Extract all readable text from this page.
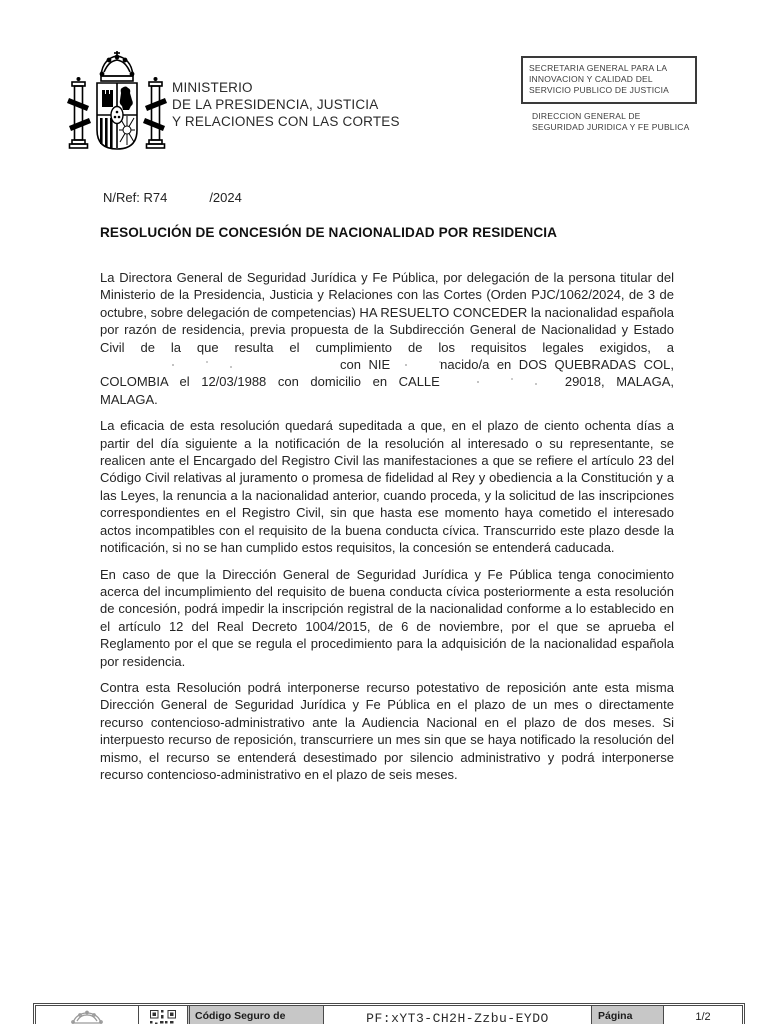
MINISTERIO
DE LA PRESIDENCIA, JUSTICIA
Y RELACIONES CON LAS CORTES
SECRETARIA GENERAL PARA LA
INNOVACION Y CALIDAD DEL
SERVICIO PUBLICO DE JUSTICIA
DIRECCION GENERAL DE
SEGURIDAD JURIDICA Y FE PUBLICA
N/Ref: R74	/2024
RESOLUCIÓN DE CONCESIÓN DE NACIONALIDAD POR RESIDENCIA

La Directora General de Seguridad Jurídica y Fe Pública, por delegación de la persona titular del Ministerio de la Presidencia, Justicia y Relaciones con las Cortes (Orden PJC/1062/2024, de 3 de octubre, sobre delegación de competencias) HA RESUELTO CONCEDER la nacionalidad española por razón de residencia, previa propuesta de la Subdirección General de Nacionalidad y Estado Civil de la que resulta el cumplimiento de los requisitos legales exigidos, acon NIE	nacido/a en DOS QUEBRADAS COL, COLOMBIA el 12/03/1988 con domicilio en CALLE	29018, MALAGA, MALAGA.

La eficacia de esta resolución quedará supeditada a que, en el plazo de ciento ochenta días a partir del día siguiente a la notificación de la resolución al interesado o su representante, se realicen ante el Encargado del Registro Civil las manifestaciones a que se refiere el artículo 23 del Código Civil relativas al juramento o promesa de fidelidad al Rey y obediencia a la Constitución y a las Leyes, la renuncia a la nacionalidad anterior, cuando proceda, y la solicitud de las inscripciones correspondientes en el Registro Civil, sin que hasta ese momento haya cometido el interesado actos incompatibles con el requisito de la buena conducta cívica. Transcurrido este plazo desde la notificación, si no se han cumplido estos requisitos, la concesión se entenderá caducada.

En caso de que la Dirección General de Seguridad Jurídica y Fe Pública tenga conocimiento acerca del incumplimiento del requisito de buena conducta cívica posteriormente a esta resolución de concesión, podrá impedir la inscripción registral de la nacionalidad conforme a lo establecido en el artículo 12 del Real Decreto 1004/2015, de 6 de noviembre, por el que se aprueba el Reglamento por el que se regula el procedimiento para la adquisición de la nacionalidad española por residencia.

Contra esta Resolución podrá interponerse recurso potestativo de reposición ante esta misma Dirección General de Seguridad Jurídica y Fe Pública en el plazo de un mes o directamente recurso contencioso-administrativo ante la Audiencia Nacional en el plazo de dos meses. Si interpuesto recurso de reposición, transcurriere un mes sin que se haya notificado la resolución del mismo, el recurso se entenderá desestimado por silencio administrativo y podrá interponerse recurso contencioso-administrativo en el plazo de seis meses.

Código Seguro de	PF:xYT3-CH2H-Zzbu-EYDO	Página	1/2
